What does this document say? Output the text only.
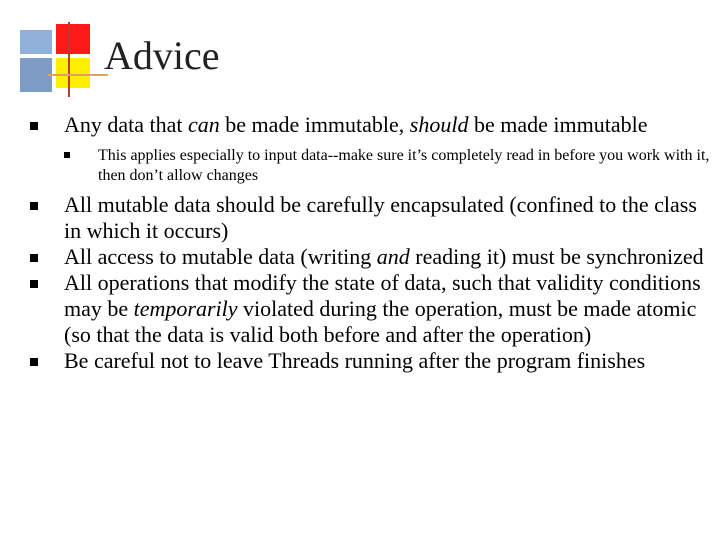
Advice
Any data that can be made immutable, should be made immutable
This applies especially to input data--make sure it’s completely read in before you work with it, then don’t allow changes
All mutable data should be carefully encapsulated (confined to the class in which it occurs)
All access to mutable data (writing and reading it) must be synchronized
All operations that modify the state of data, such that validity conditions may be temporarily violated during the operation, must be made atomic (so that the data is valid both before and after the operation)
Be careful not to leave Threads running after the program finishes
